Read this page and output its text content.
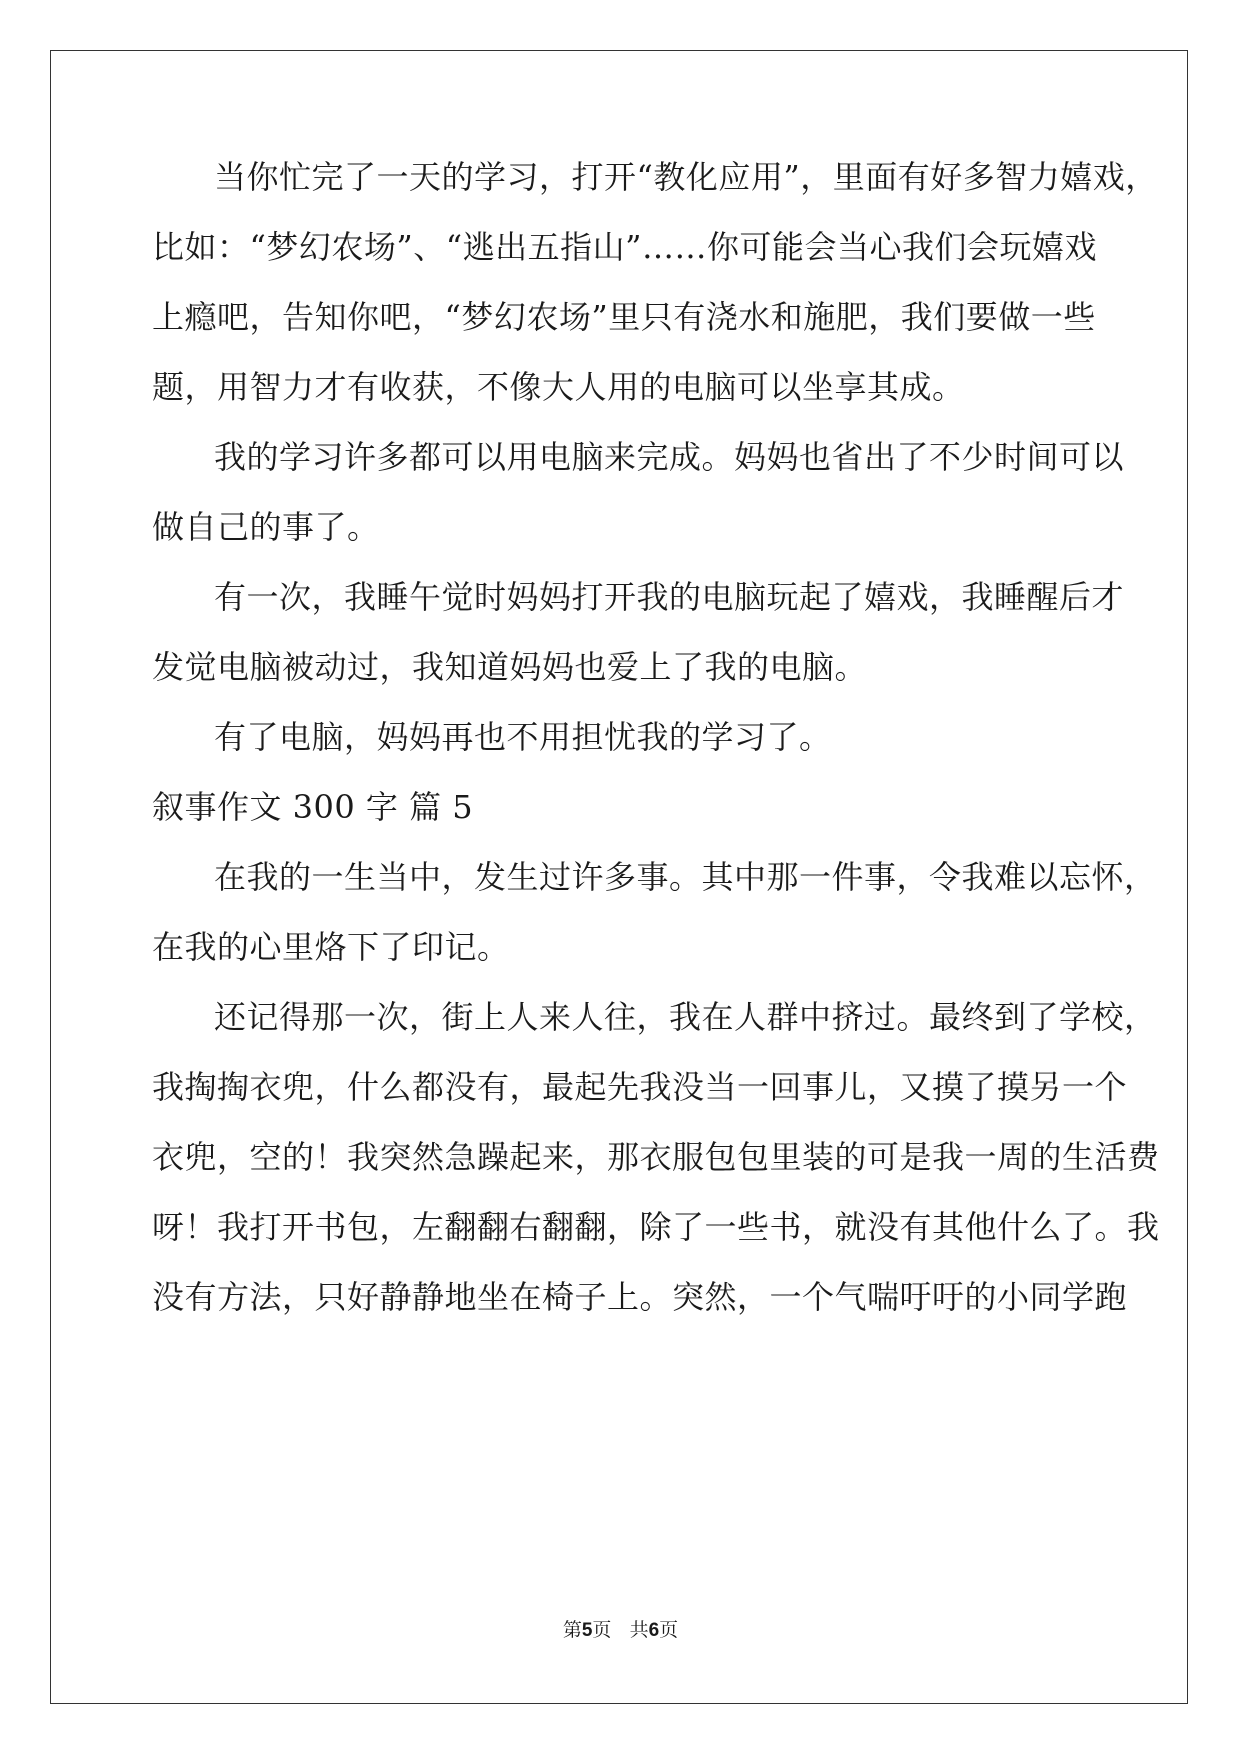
当你忙完了一天的学习，打开“教化应用”，里面有好多智力嬉戏，
比如：“梦幻农场”、“逃出五指山”……你可能会当心我们会玩嬉戏
上瘾吧，告知你吧，“梦幻农场”里只有浇水和施肥，我们要做一些
题，用智力才有收获，不像大人用的电脑可以坐享其成。
我的学习许多都可以用电脑来完成。妈妈也省出了不少时间可以
做自己的事了。
有一次，我睡午觉时妈妈打开我的电脑玩起了嬉戏，我睡醒后才
发觉电脑被动过，我知道妈妈也爱上了我的电脑。
有了电脑，妈妈再也不用担忧我的学习了。
叙事作文 300 字 篇 5
在我的一生当中，发生过许多事。其中那一件事，令我难以忘怀，
在我的心里烙下了印记。
还记得那一次，街上人来人往，我在人群中挤过。最终到了学校，
我掏掏衣兜，什么都没有，最起先我没当一回事儿，又摸了摸另一个
衣兜，空的！我突然急躁起来，那衣服包包里装的可是我一周的生活费
呀！我打开书包，左翻翻右翻翻，除了一些书，就没有其他什么了。我
没有方法，只好静静地坐在椅子上。突然，一个气喘吁吁的小同学跑
第5页 共6页
